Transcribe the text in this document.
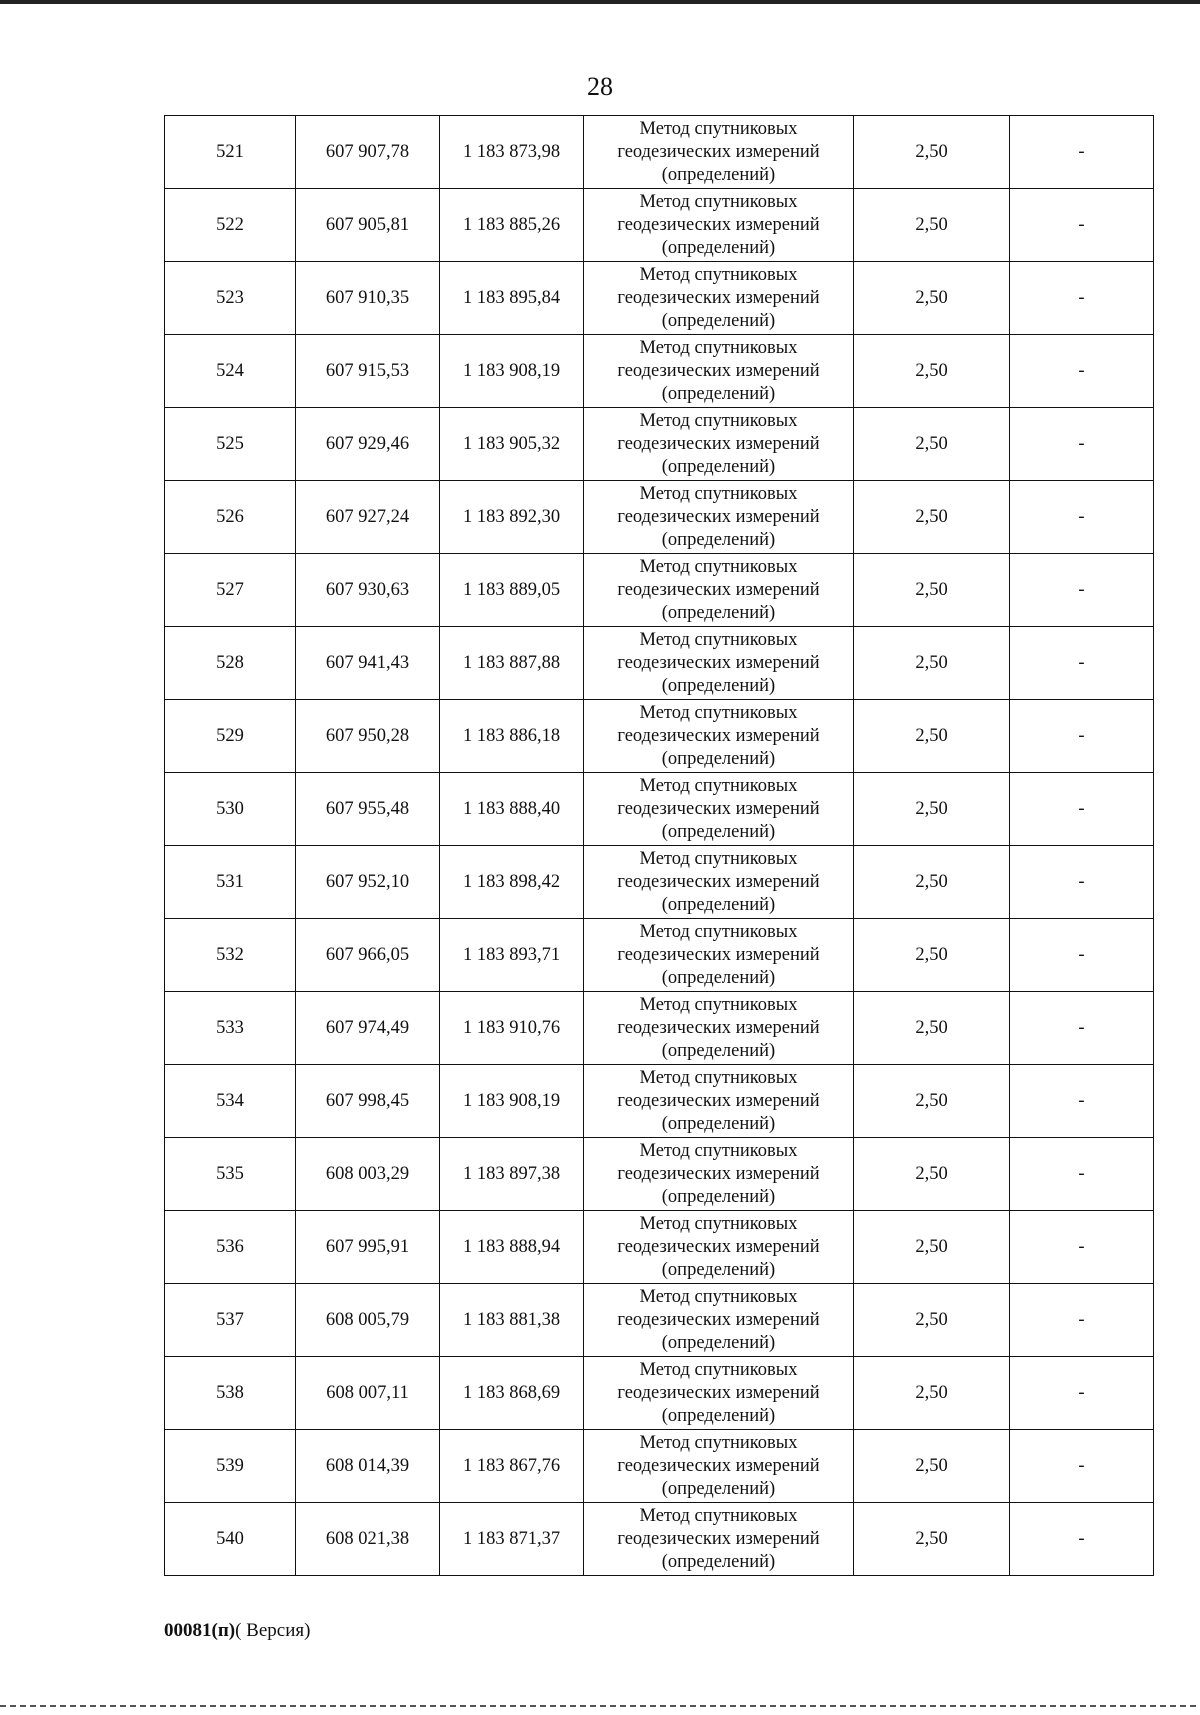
28
521	607 907,78	1 183 873,98	Метод спутниковых
геодезических измерений
(определений)	2,50	-
522	607 905,81	1 183 885,26	Метод спутниковых
геодезических измерений
(определений)	2,50	-
523	607 910,35	1 183 895,84	Метод спутниковых
геодезических измерений
(определений)	2,50	-
524	607 915,53	1 183 908,19	Метод спутниковых
геодезических измерений
(определений)	2,50	-
525	607 929,46	1 183 905,32	Метод спутниковых
геодезических измерений
(определений)	2,50	-
526	607 927,24	1 183 892,30	Метод спутниковых
геодезических измерений
(определений)	2,50	-
527	607 930,63	1 183 889,05	Метод спутниковых
геодезических измерений
(определений)	2,50	-
528	607 941,43	1 183 887,88	Метод спутниковых
геодезических измерений
(определений)	2,50	-
529	607 950,28	1 183 886,18	Метод спутниковых
геодезических измерений
(определений)	2,50	-
530	607 955,48	1 183 888,40	Метод спутниковых
геодезических измерений
(определений)	2,50	-
531	607 952,10	1 183 898,42	Метод спутниковых
геодезических измерений
(определений)	2,50	-
532	607 966,05	1 183 893,71	Метод спутниковых
геодезических измерений
(определений)	2,50	-
533	607 974,49	1 183 910,76	Метод спутниковых
геодезических измерений
(определений)	2,50	-
534	607 998,45	1 183 908,19	Метод спутниковых
геодезических измерений
(определений)	2,50	-
535	608 003,29	1 183 897,38	Метод спутниковых
геодезических измерений
(определений)	2,50	-
536	607 995,91	1 183 888,94	Метод спутниковых
геодезических измерений
(определений)	2,50	-
537	608 005,79	1 183 881,38	Метод спутниковых
геодезических измерений
(определений)	2,50	-
538	608 007,11	1 183 868,69	Метод спутниковых
геодезических измерений
(определений)	2,50	-
539	608 014,39	1 183 867,76	Метод спутниковых
геодезических измерений
(определений)	2,50	-
540	608 021,38	1 183 871,37	Метод спутниковых
геодезических измерений
(определений)	2,50	-
00081(п)( Версия)
